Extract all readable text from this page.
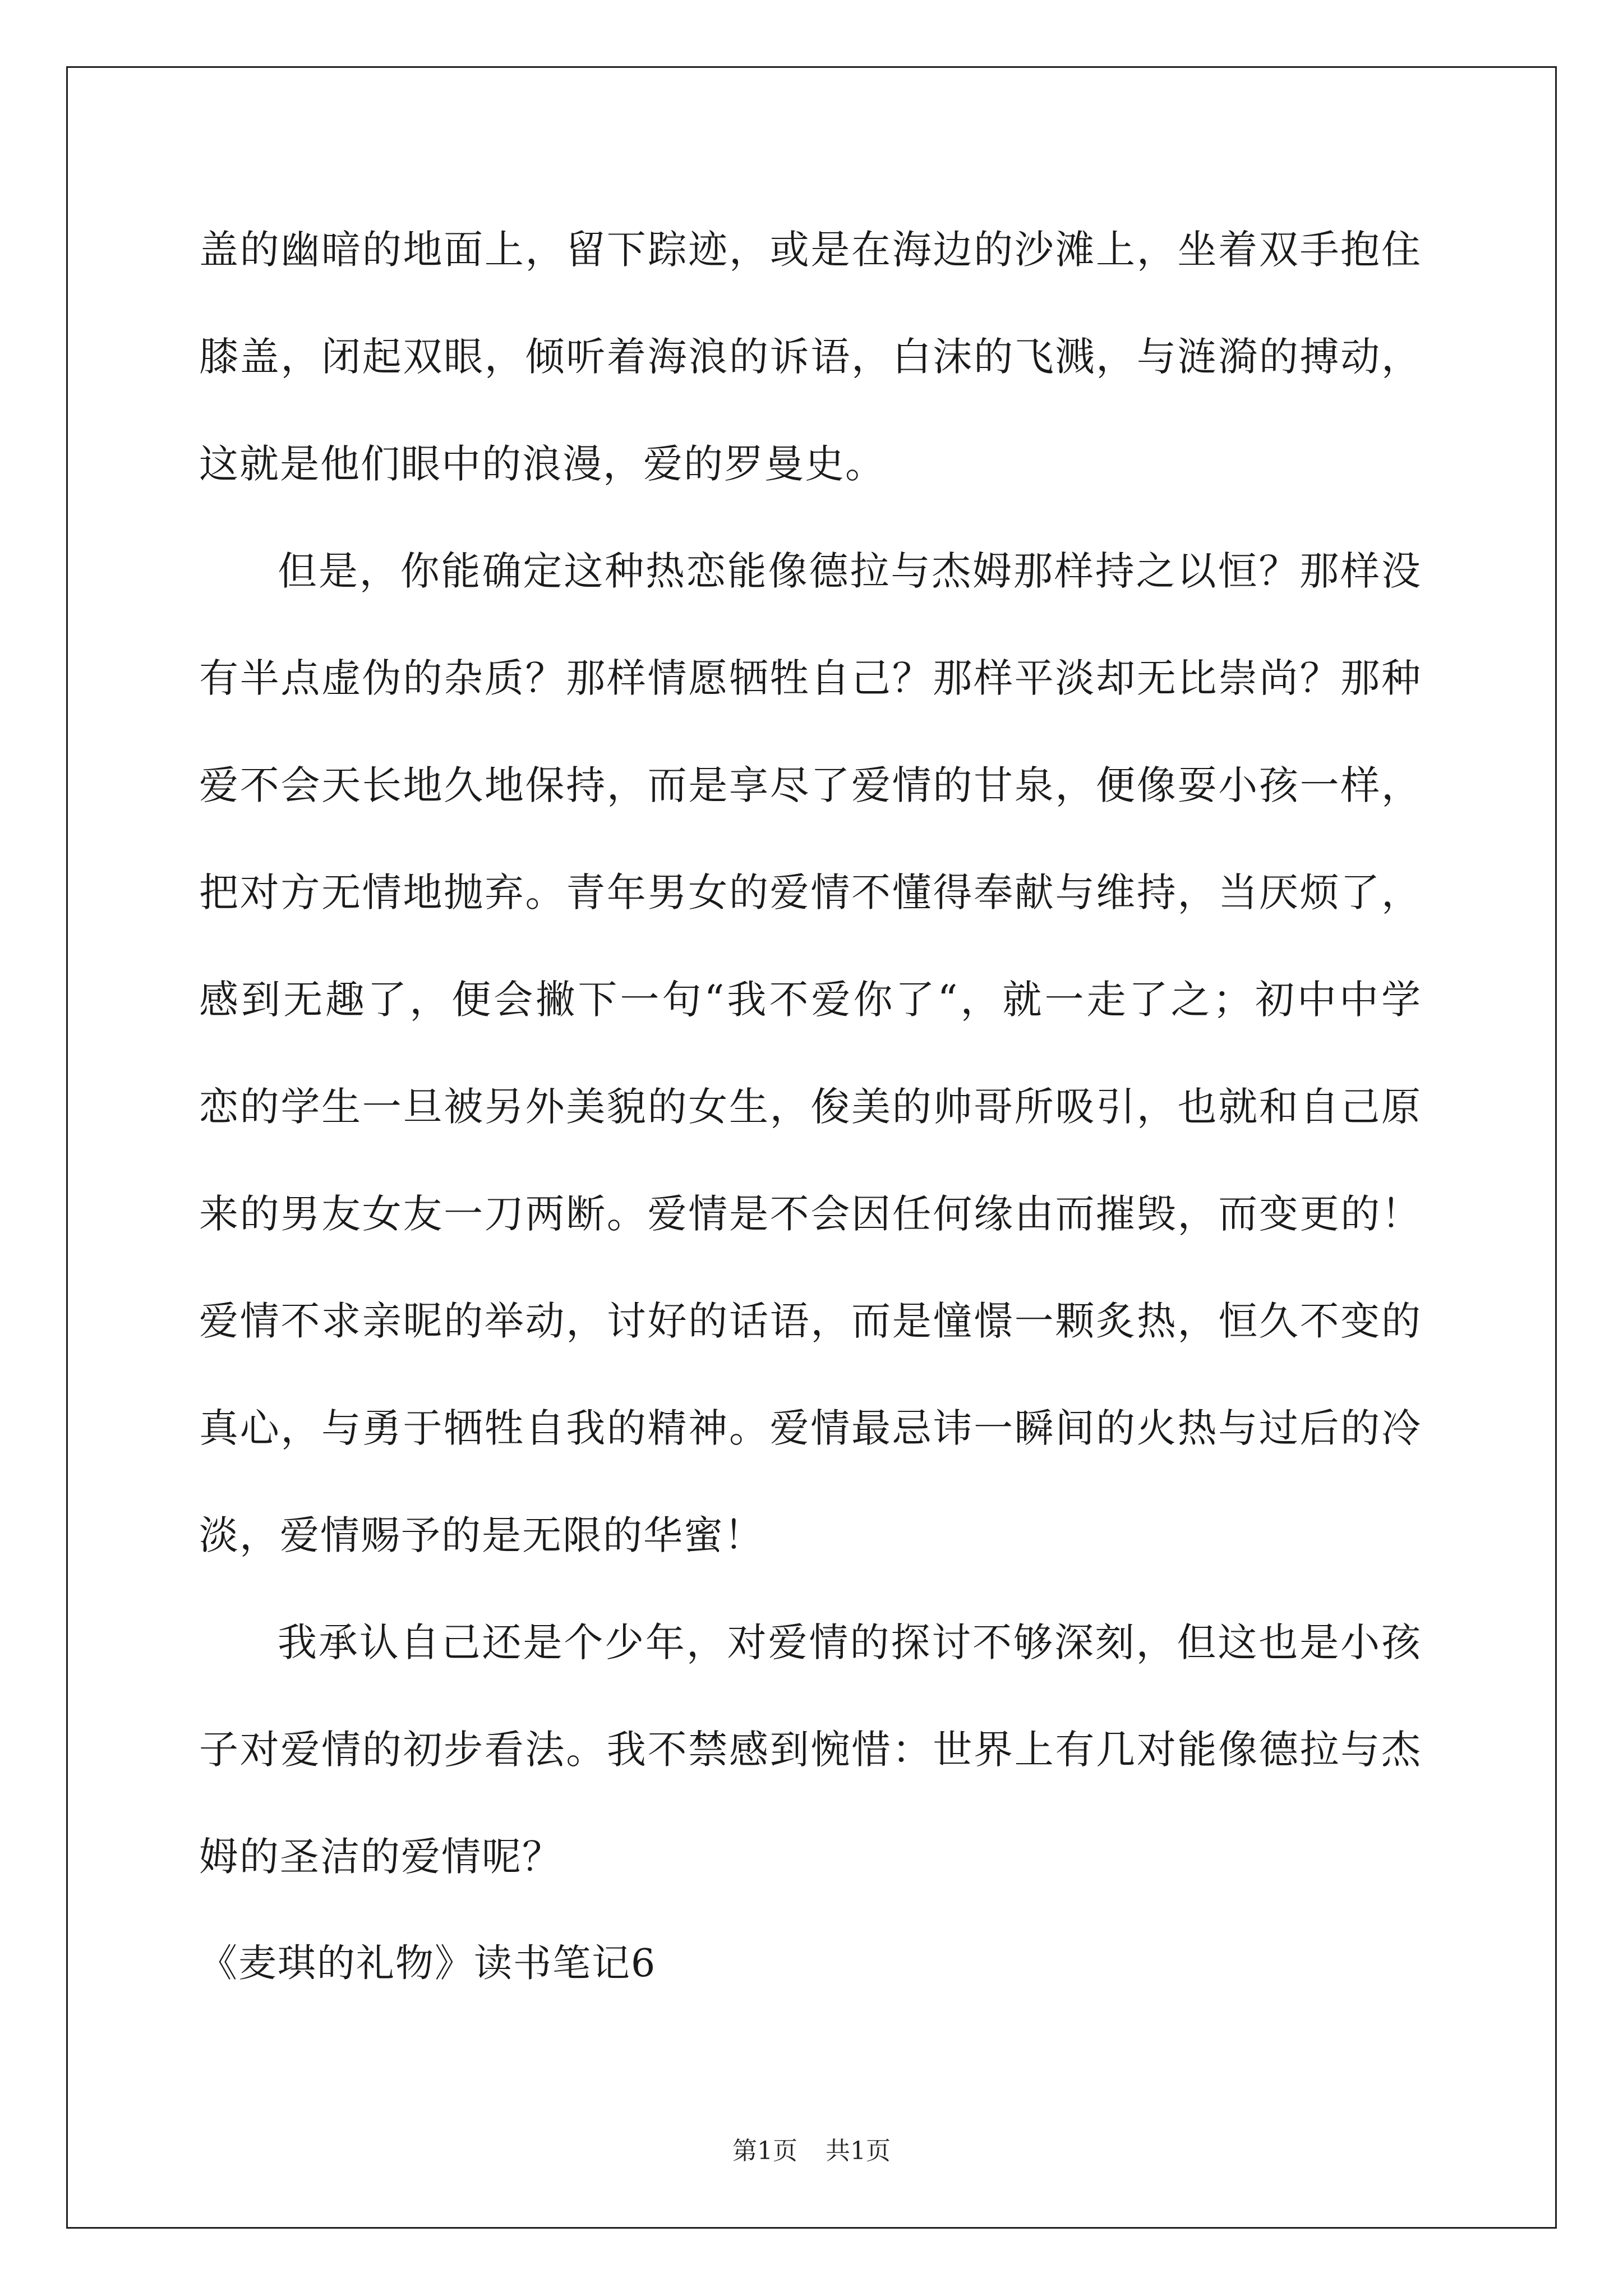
盖的幽暗的地面上，留下踪迹，或是在海边的沙滩上，坐着双手抱住
膝盖，闭起双眼，倾听着海浪的诉语，白沫的飞溅，与涟漪的搏动，
这就是他们眼中的浪漫，爱的罗曼史。
但是，你能确定这种热恋能像德拉与杰姆那样持之以恒？那样没
有半点虚伪的杂质？那样情愿牺牲自己？那样平淡却无比崇尚？那种
爱不会天长地久地保持，而是享尽了爱情的甘泉，便像耍小孩一样，
把对方无情地抛弃。青年男女的爱情不懂得奉献与维持，当厌烦了，
感到无趣了，便会撇下一句“我不爱你了“，就一走了之；初中中学
恋的学生一旦被另外美貌的女生，俊美的帅哥所吸引，也就和自己原
来的男友女友一刀两断。爱情是不会因任何缘由而摧毁，而变更的！
爱情不求亲昵的举动，讨好的话语，而是憧憬一颗炙热，恒久不变的
真心，与勇于牺牲自我的精神。爱情最忌讳一瞬间的火热与过后的冷
淡，爱情赐予的是无限的华蜜！
我承认自己还是个少年，对爱情的探讨不够深刻，但这也是小孩
子对爱情的初步看法。我不禁感到惋惜：世界上有几对能像德拉与杰
姆的圣洁的爱情呢？
《麦琪的礼物》读书笔记6
第1页 共1页
